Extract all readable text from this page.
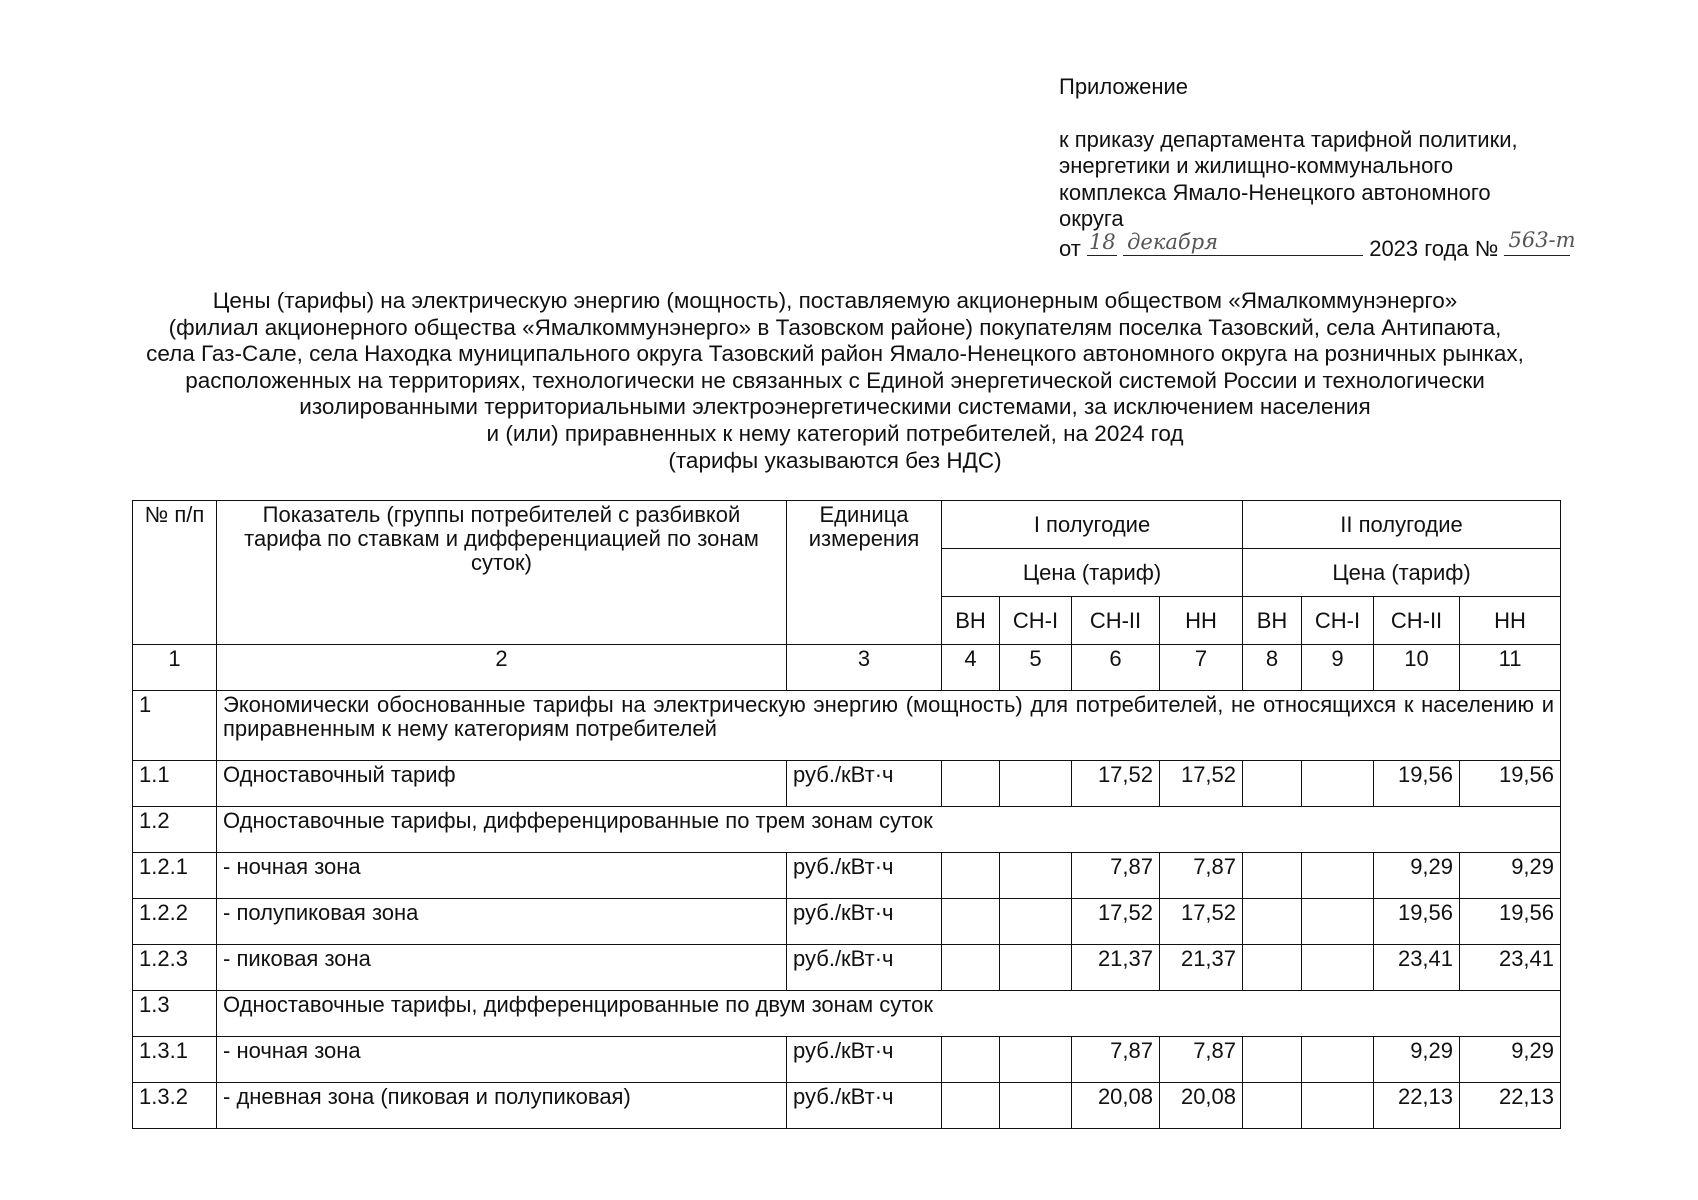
Приложение
к приказу департамента тарифной политики,
энергетики и жилищно-коммунального
комплекса Ямало-Ненецкого автономного
округа
от 18
декабря	2023 года № 563-т
Цены (тарифы) на электрическую энергию (мощность), поставляемую акционерным обществом «Ямалкоммунэнерго»
(филиал акционерного общества «Ямалкоммунэнерго» в Тазовском районе) покупателям поселка Тазовский, села Антипаюта,
села Газ-Сале, села Находка муниципального округа Тазовский район Ямало-Ненецкого автономного округа на розничных рынках,
расположенных на территориях, технологически не связанных с Единой энергетической системой России и технологически
изолированными территориальными электроэнергетическими системами, за исключением населения
и (или) приравненных к нему категорий потребителей, на 2024 год
(тарифы указываются без НДС)
№ п/п	Показатель (группы потребителей с разбивкой тарифа по ставкам и дифференциацией по зонам суток)	Единица измерения	I полугодие				II полугодие			
			Цена (тариф)				Цена (тариф)			
			ВН	СН-I	СН-II	НН	ВН	СН-I	СН-II	НН
1	2	3	4	5	6	7	8	9	10	11
1	Экономически обоснованные тарифы на электрическую энергию (мощность) для потребителей, не относящихся к населению и приравненным к нему категориям потребителей									
1.1	Одноставочный тариф	руб./кВт·ч			17,52	17,52			19,56	19,56
1.2	Одноставочные тарифы, дифференцированные по трем зонам суток									
1.2.1	- ночная зона	руб./кВт·ч			7,87	7,87			9,29	9,29
1.2.2	- полупиковая зона	руб./кВт·ч			17,52	17,52			19,56	19,56
1.2.3	- пиковая зона	руб./кВт·ч			21,37	21,37			23,41	23,41
1.3	Одноставочные тарифы, дифференцированные по двум зонам суток									
1.3.1	- ночная зона	руб./кВт·ч			7,87	7,87			9,29	9,29
1.3.2	- дневная зона (пиковая и полупиковая)	руб./кВт·ч			20,08	20,08			22,13	22,13
